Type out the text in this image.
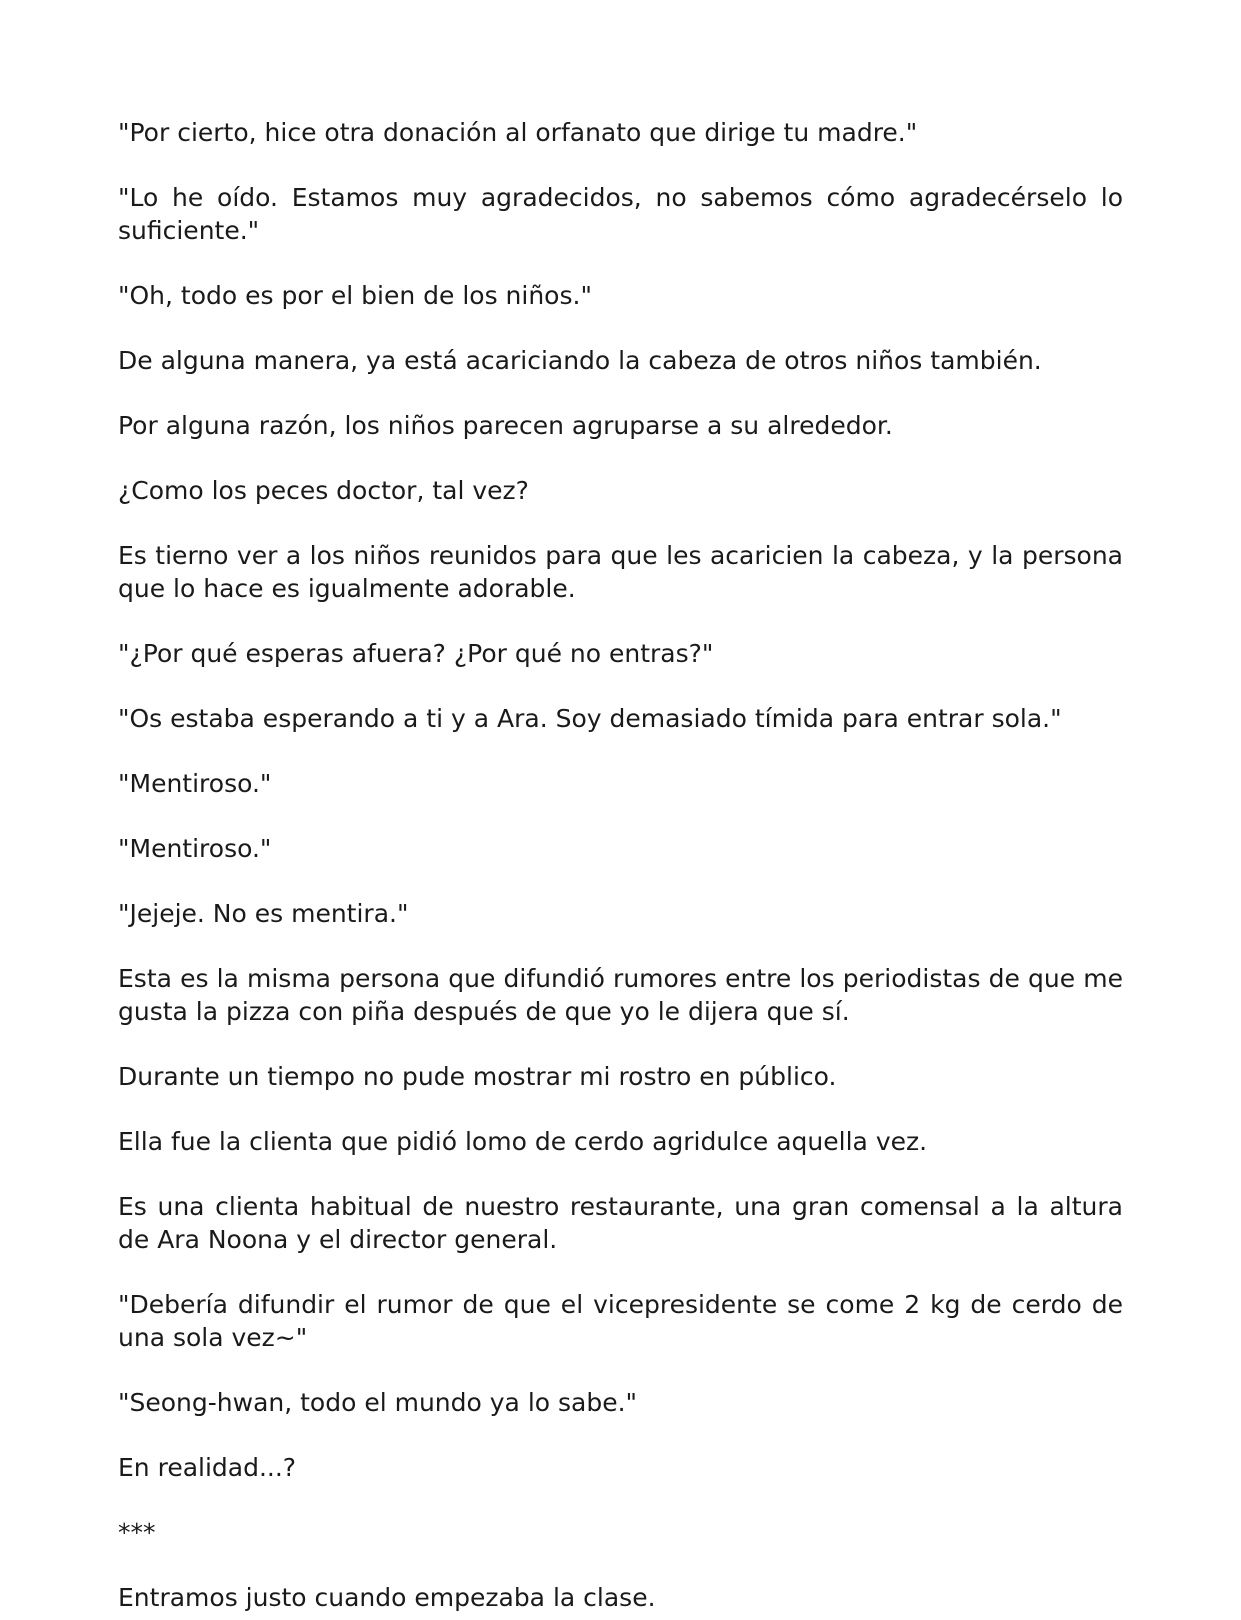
"Por cierto, hice otra donación al orfanato que dirige tu madre."

"Lo he oído. Estamos muy agradecidos, no sabemos cómo agradecérselo lo suficiente."

"Oh, todo es por el bien de los niños."

De alguna manera, ya está acariciando la cabeza de otros niños también.

Por alguna razón, los niños parecen agruparse a su alrededor.

¿Como los peces doctor, tal vez?

Es tierno ver a los niños reunidos para que les acaricien la cabeza, y la persona que lo hace es igualmente adorable.

"¿Por qué esperas afuera? ¿Por qué no entras?"

"Os estaba esperando a ti y a Ara. Soy demasiado tímida para entrar sola."

"Mentiroso."

"Mentiroso."

"Jejeje. No es mentira."

Esta es la misma persona que difundió rumores entre los periodistas de que me gusta la pizza con piña después de que yo le dijera que sí.

Durante un tiempo no pude mostrar mi rostro en público.

Ella fue la clienta que pidió lomo de cerdo agridulce aquella vez.

Es una clienta habitual de nuestro restaurante, una gran comensal a la altura de Ara Noona y el director general.

"Debería difundir el rumor de que el vicepresidente se come 2 kg de cerdo de una sola vez~"

"Seong-hwan, todo el mundo ya lo sabe."

En realidad...?

***

Entramos justo cuando empezaba la clase.
